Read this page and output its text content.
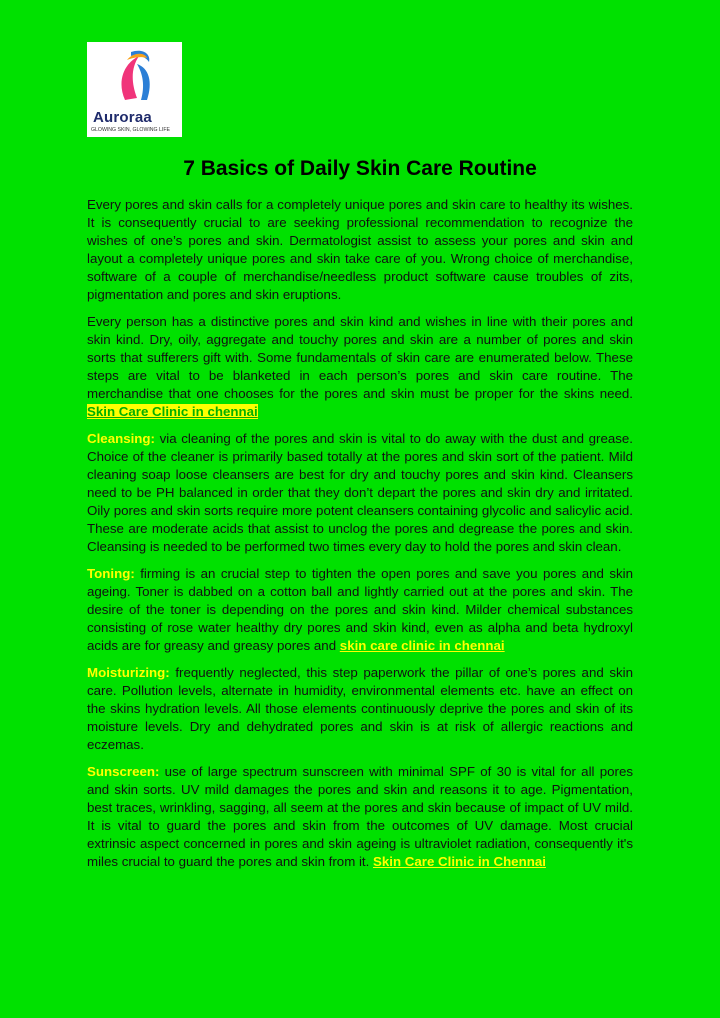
Auroraa
GLOWING SKIN, GLOWING LIFE
7 Basics of Daily Skin Care Routine

Every pores and skin calls for a completely unique pores and skin care to healthy its wishes. It is consequently crucial to are seeking professional recommendation to recognize the wishes of one’s pores and skin. Dermatologist assist to assess your pores and skin and layout a completely unique pores and skin take care of you. Wrong choice of merchandise, software of a couple of merchandise/needless product software cause troubles of zits, pigmentation and pores and skin eruptions.

Every person has a distinctive pores and skin kind and wishes in line with their pores and skin kind. Dry, oily, aggregate and touchy pores and skin are a number of pores and skin sorts that sufferers gift with. Some fundamentals of skin care are enumerated below. These steps are vital to be blanketed in each person’s pores and skin care routine. The merchandise that one chooses for the pores and skin must be proper for the skins need. Skin Care Clinic in chennai

Cleansing: via cleaning of the pores and skin is vital to do away with the dust and grease. Choice of the cleaner is primarily based totally at the pores and skin sort of the patient. Mild cleaning soap loose cleansers are best for dry and touchy pores and skin kind. Cleansers need to be PH balanced in order that they don’t depart the pores and skin dry and irritated. Oily pores and skin sorts require more potent cleansers containing glycolic and salicylic acid. These are moderate acids that assist to unclog the pores and degrease the pores and skin. Cleansing is needed to be performed two times every day to hold the pores and skin clean.

Toning: firming is an crucial step to tighten the open pores and save you pores and skin ageing. Toner is dabbed on a cotton ball and lightly carried out at the pores and skin. The desire of the toner is depending on the pores and skin kind. Milder chemical substances consisting of rose water healthy dry pores and skin kind, even as alpha and beta hydroxyl acids are for greasy and greasy pores and skin care clinic in chennai

Moisturizing: frequently neglected, this step paperwork the pillar of one’s pores and skin care. Pollution levels, alternate in humidity, environmental elements etc. have an effect on the skins hydration levels. All those elements continuously deprive the pores and skin of its moisture levels. Dry and dehydrated pores and skin is at risk of allergic reactions and eczemas.

Sunscreen: use of large spectrum sunscreen with minimal SPF of 30 is vital for all pores and skin sorts. UV mild damages the pores and skin and reasons it to age. Pigmentation, best traces, wrinkling, sagging, all seem at the pores and skin because of impact of UV mild. It is vital to guard the pores and skin from the outcomes of UV damage. Most crucial extrinsic aspect concerned in pores and skin ageing is ultraviolet radiation, consequently it's miles crucial to guard the pores and skin from it. Skin Care Clinic in Chennai
